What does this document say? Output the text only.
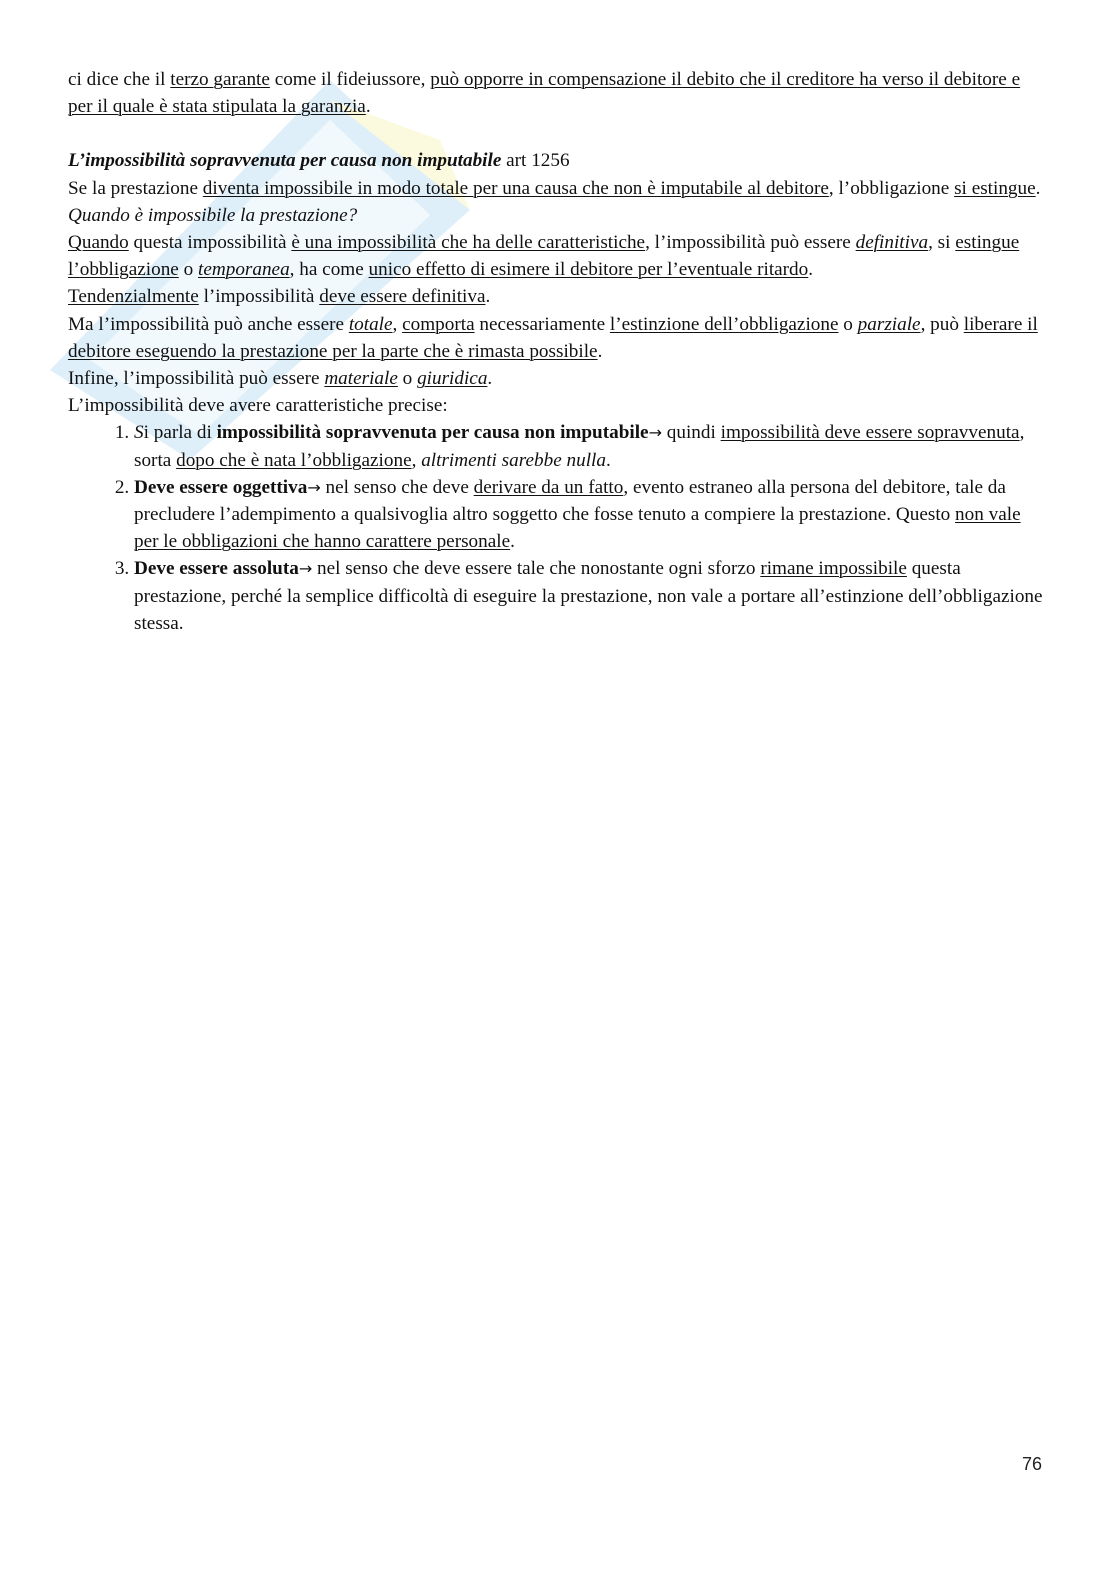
ci dice che il terzo garante come il fideiussore, può opporre in compensazione il debito che il creditore ha verso il debitore e per il quale è stata stipulata la garanzia.

L’impossibilità sopravvenuta per causa non imputabile art 1256

Se la prestazione diventa impossibile in modo totale per una causa che non è imputabile al debitore, l’obbligazione si estingue.

Quando è impossibile la prestazione?

Quando questa impossibilità è una impossibilità che ha delle caratteristiche, l’impossibilità può essere definitiva, si estingue l’obbligazione o temporanea, ha come unico effetto di esimere il debitore per l’eventuale ritardo.

Tendenzialmente l’impossibilità deve essere definitiva.

Ma l’impossibilità può anche essere totale, comporta necessariamente l’estinzione dell’obbligazione o parziale, può liberare il debitore eseguendo la prestazione per la parte che è rimasta possibile.

Infine, l’impossibilità può essere materiale o giuridica.

L’impossibilità deve avere caratteristiche precise:

1. Si parla di impossibilità sopravvenuta per causa non imputabile→ quindi impossibilità deve essere sopravvenuta, sorta dopo che è nata l’obbligazione, altrimenti sarebbe nulla.
2. Deve essere oggettiva→ nel senso che deve derivare da un fatto, evento estraneo alla persona del debitore, tale da precludere l’adempimento a qualsivoglia altro soggetto che fosse tenuto a compiere la prestazione. Questo non vale per le obbligazioni che hanno carattere personale.
3. Deve essere assoluta→ nel senso che deve essere tale che nonostante ogni sforzo rimane impossibile questa prestazione, perché la semplice difficoltà di eseguire la prestazione, non vale a portare all’estinzione dell’obbligazione stessa.
76
